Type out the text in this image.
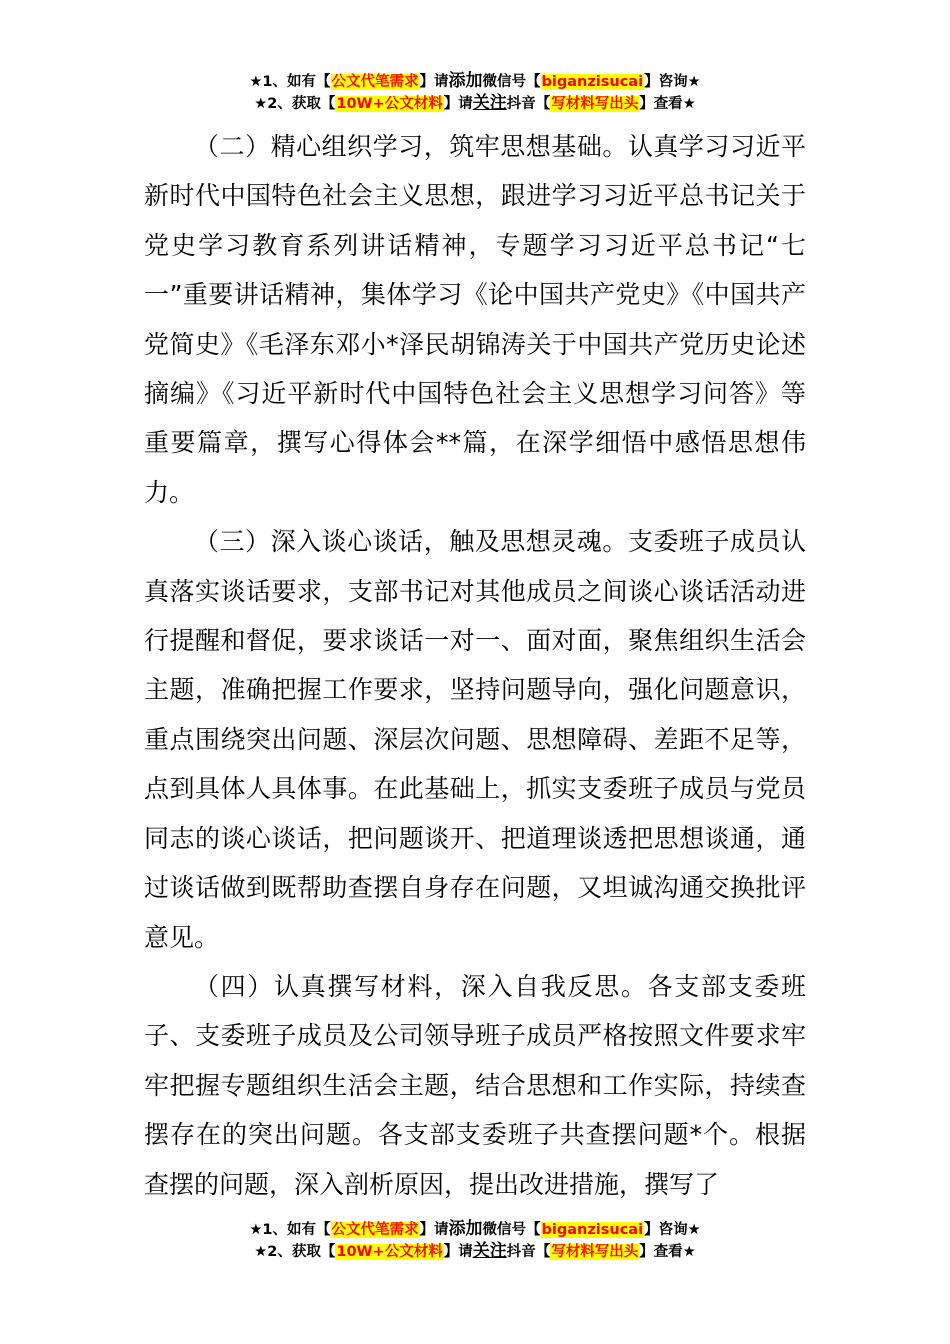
★1、如有【公文代笔需求】请添加微信号【biganzisucai】咨询★
★2、获取【10W+公文材料】请关注抖音【写材料写出头】查看★

（二）精心组织学习，筑牢思想基础。认真学习习近平新时代中国特色社会主义思想，跟进学习习近平总书记关于党史学习教育系列讲话精神，专题学习习近平总书记“七一”重要讲话精神，集体学习《论中国共产党史》《中国共产党简史》《毛泽东邓小*泽民胡锦涛关于中国共产党历史论述摘编》《习近平新时代中国特色社会主义思想学习问答》等重要篇章，撰写心得体会**篇，在深学细悟中感悟思想伟力。

（三）深入谈心谈话，触及思想灵魂。支委班子成员认真落实谈话要求，支部书记对其他成员之间谈心谈话活动进行提醒和督促，要求谈话一对一、面对面，聚焦组织生活会主题，准确把握工作要求，坚持问题导向，强化问题意识，重点围绕突出问题、深层次问题、思想障碍、差距不足等，点到具体人具体事。在此基础上，抓实支委班子成员与党员同志的谈心谈话，把问题谈开、把道理谈透把思想谈通，通过谈话做到既帮助查摆自身存在问题，又坦诚沟通交换批评意见。

（四）认真撰写材料，深入自我反思。各支部支委班子、支委班子成员及公司领导班子成员严格按照文件要求牢牢把握专题组织生活会主题，结合思想和工作实际，持续查摆存在的突出问题。各支部支委班子共查摆问题*个。根据查摆的问题，深入剖析原因，提出改进措施，撰写了

★1、如有【公文代笔需求】请添加微信号【biganzisucai】咨询★
★2、获取【10W+公文材料】请关注抖音【写材料写出头】查看★
